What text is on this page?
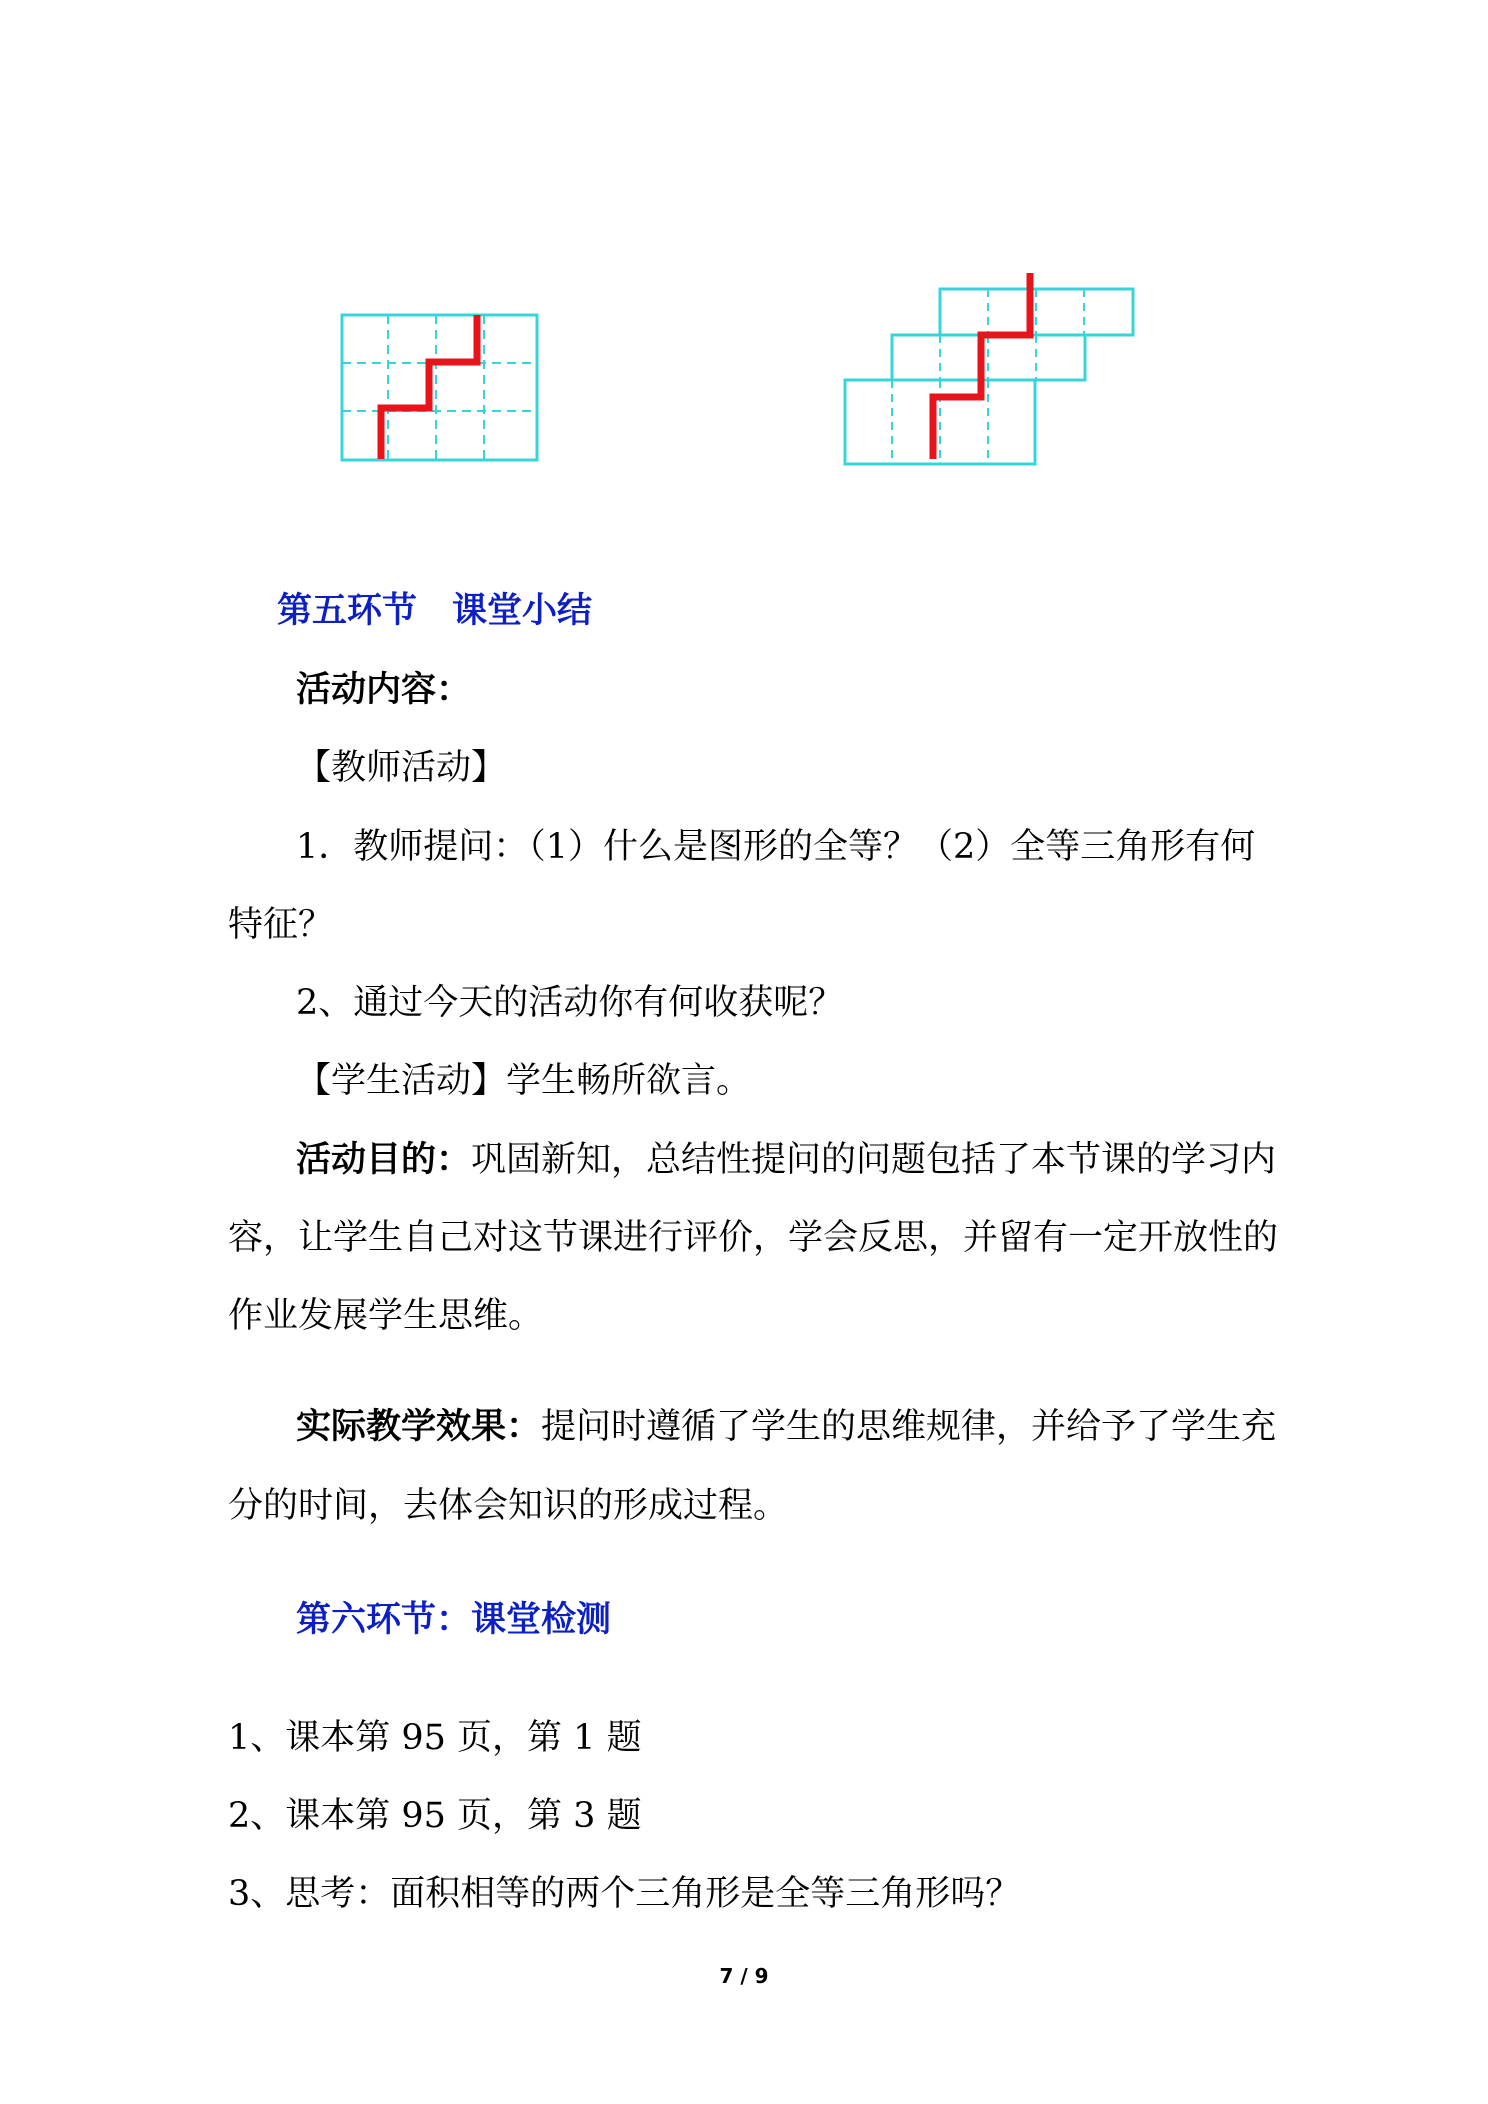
第五环节　课堂小结
活动内容：
【教师活动】
1．教师提问：（1）什么是图形的全等？（2）全等三角形有何
特征？
2、通过今天的活动你有何收获呢？
【学生活动】学生畅所欲言。
活动目的：巩固新知，总结性提问的问题包括了本节课的学习内
容，让学生自己对这节课进行评价，学会反思，并留有一定开放性的
作业发展学生思维。
实际教学效果：提问时遵循了学生的思维规律，并给予了学生充
分的时间，去体会知识的形成过程。
第六环节：课堂检测
1、课本第 95 页，第 1 题
2、课本第 95 页，第 3 题
3、思考：面积相等的两个三角形是全等三角形吗？
7 / 9
